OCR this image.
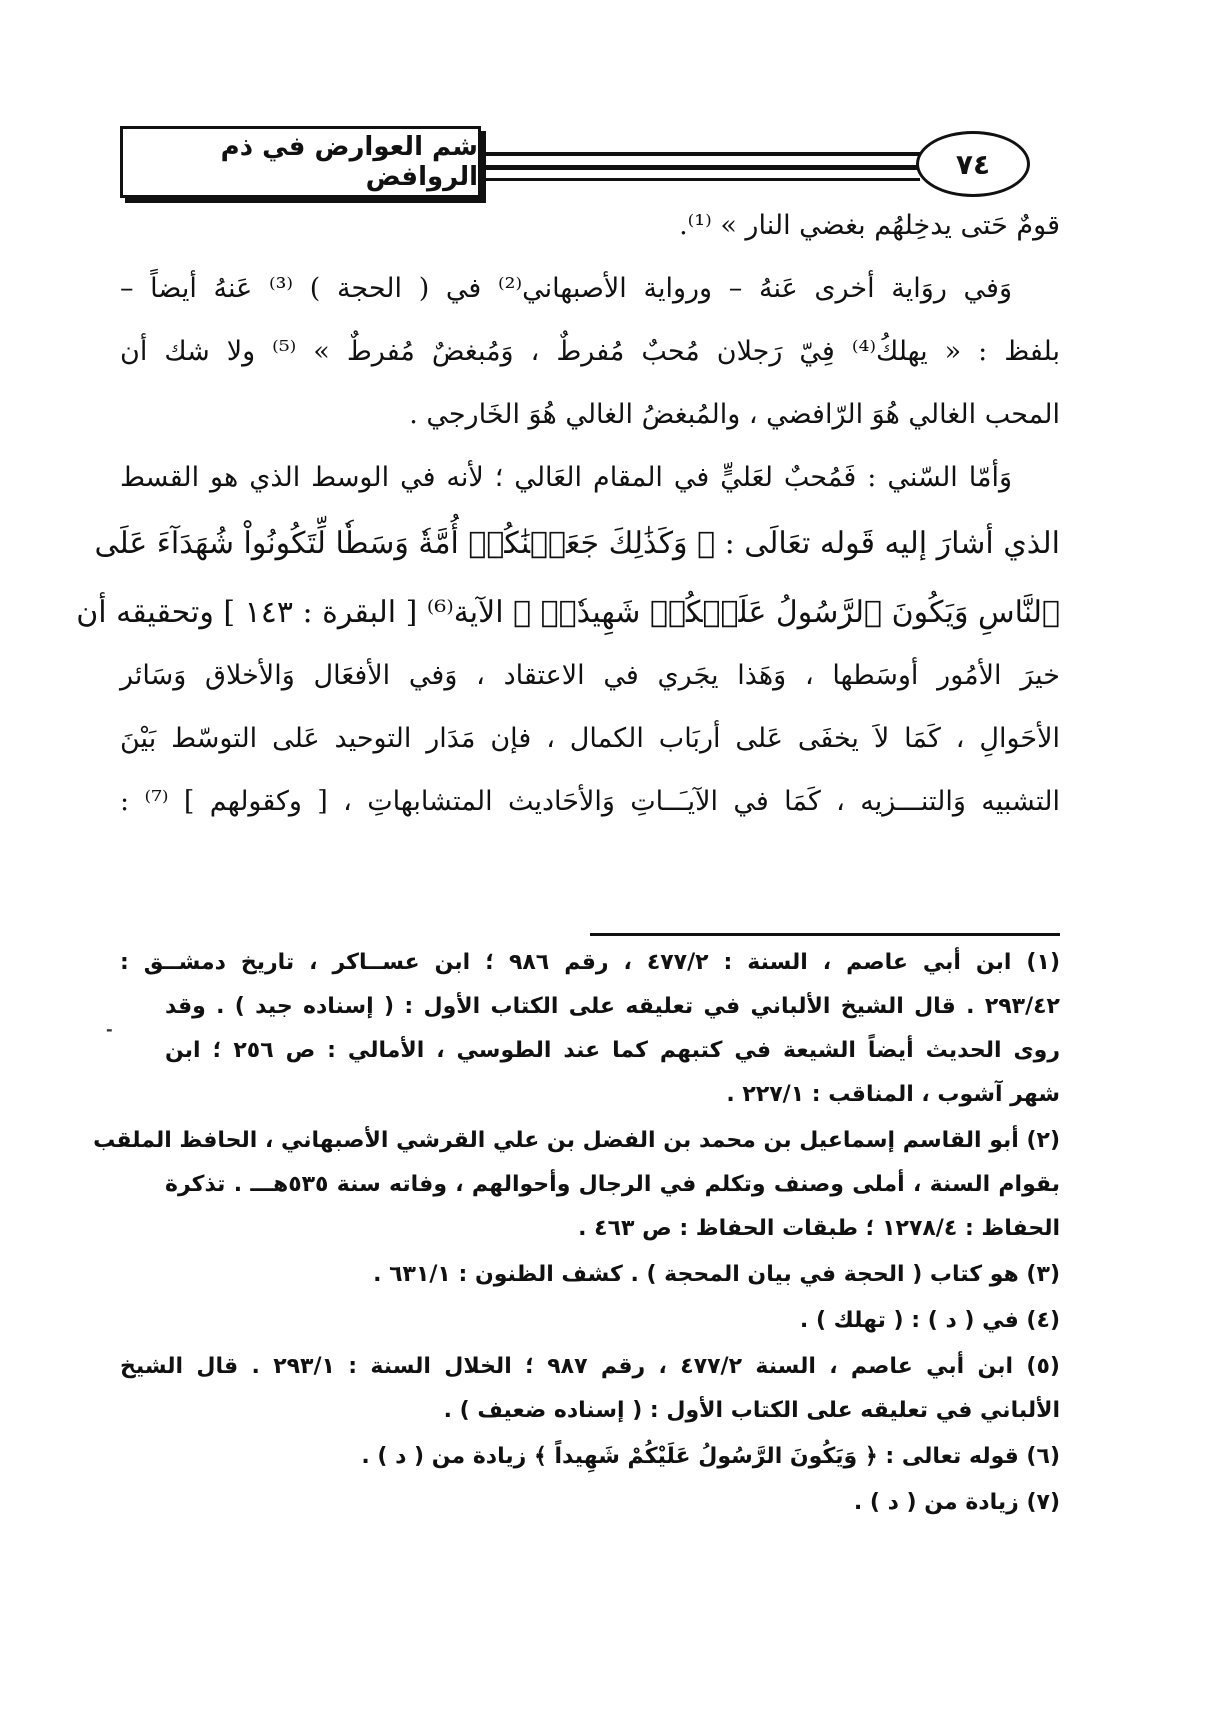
شم العوارض في ذم الروافض	٧٤
قومٌ حَتى يدخِلهُم بغضي النار » ⁽¹⁾.
وَفي روَاية أخرى عَنهُ – ورواية الأصبهاني⁽²⁾ في ( الحجة ) ⁽³⁾ عَنهُ أيضاً –
بلفظ : « يهلكُ⁽⁴⁾ فِيّ رَجلان مُحبٌ مُفرطٌ ، وَمُبغضٌ مُفرطٌ » ⁽⁵⁾ ولا شك أن
المحب الغالي هُوَ الرّافضي ، والمُبغضُ الغالي هُوَ الخَارجي .
وَأمّا السّني : فَمُحبٌ لعَليٍّ في المقام العَالي ؛ لأنه في الوسط الذي هو القسط
الذي أشارَ إليه قَوله تعَالَى : ﴿ وَكَذَٰلِكَ جَعَلۡنَٰكُمۡ أُمَّةٗ وَسَطٗا لِّتَكُونُواْ شُهَدَآءَ عَلَى
ٱلنَّاسِ وَيَكُونَ ٱلرَّسُولُ عَلَيۡكُمۡ شَهِيدٗاۗ ﴾ الآية⁽⁶⁾ [ البقرة : ١٤٣ ] وتحقيقه أن
خيرَ الأمُور أوسَطها ، وَهَذا يجَري في الاعتقاد ، وَفي الأفعَال وَالأخلاق وَسَائر
الأحَوالِ ، كَمَا لاَ يخفَى عَلى أربَاب الكمال ، فإن مَدَار التوحيد عَلى التوسّط بَيْنَ
التشبيه وَالتنـــزيه ، كَمَا في الآيـَــاتِ وَالأحَاديث المتشابهاتِ ، [ وكقولهم ] ⁽⁷⁾ :
(١) ابن أبي عاصم ، السنة : ٤٧٧/٢ ، رقم ٩٨٦ ؛ ابن عســاكر ، تاريخ دمشــق :
٢٩٣/٤٢ . قال الشيخ الألباني في تعليقه على الكتاب الأول : ( إسناده جيد ) . وقد
-
روى الحديث أيضاً الشيعة في كتبهم كما عند الطوسي ، الأمالي : ص ٢٥٦ ؛ ابن
شهر آشوب ، المناقب : ٢٢٧/١ .
(٢) أبو القاسم إسماعيل بن محمد بن الفضل بن علي القرشي الأصبهاني ، الحافظ الملقب
بقوام السنة ، أملى وصنف وتكلم في الرجال وأحوالهم ، وفاته سنة ٥٣٥هـــ . تذكرة
الحفاظ : ١٢٧٨/٤ ؛ طبقات الحفاظ : ص ٤٦٣ .
(٣) هو كتاب ( الحجة في بيان المحجة ) . كشف الظنون : ٦٣١/١ .
(٤) في ( د ) : ( تهلك ) .
(٥) ابن أبي عاصم ، السنة ٤٧٧/٢ ، رقم ٩٨٧ ؛ الخلال السنة : ٢٩٣/١ . قال الشيخ
الألباني في تعليقه على الكتاب الأول : ( إسناده ضعيف ) .
(٦) قوله تعالى : ﴿ وَيَكُونَ الرَّسُولُ عَلَيْكُمْ شَهِيداً ﴾ زيادة من ( د ) .
(٧) زيادة من ( د ) .
